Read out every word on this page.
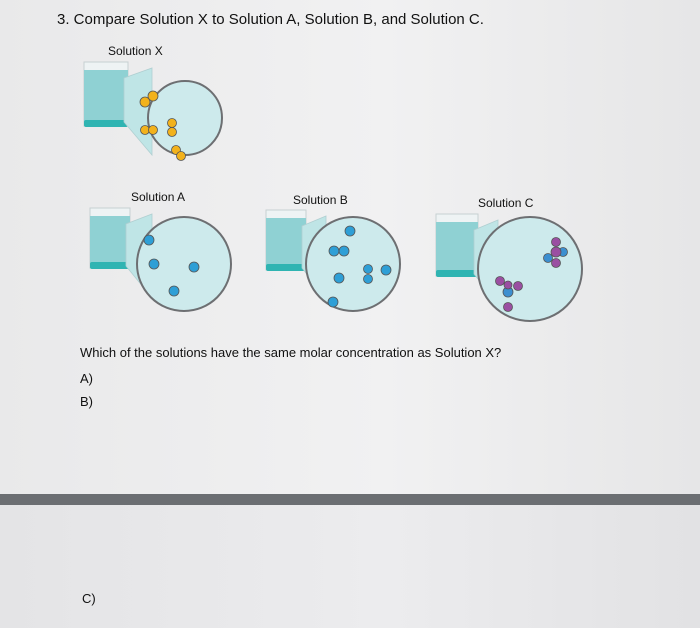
3. Compare Solution X to Solution A, Solution B, and Solution C.
Solution X
Solution A	Solution B	Solution C
Which of the solutions have the same molar concentration as Solution X?
A)
B)
C)
